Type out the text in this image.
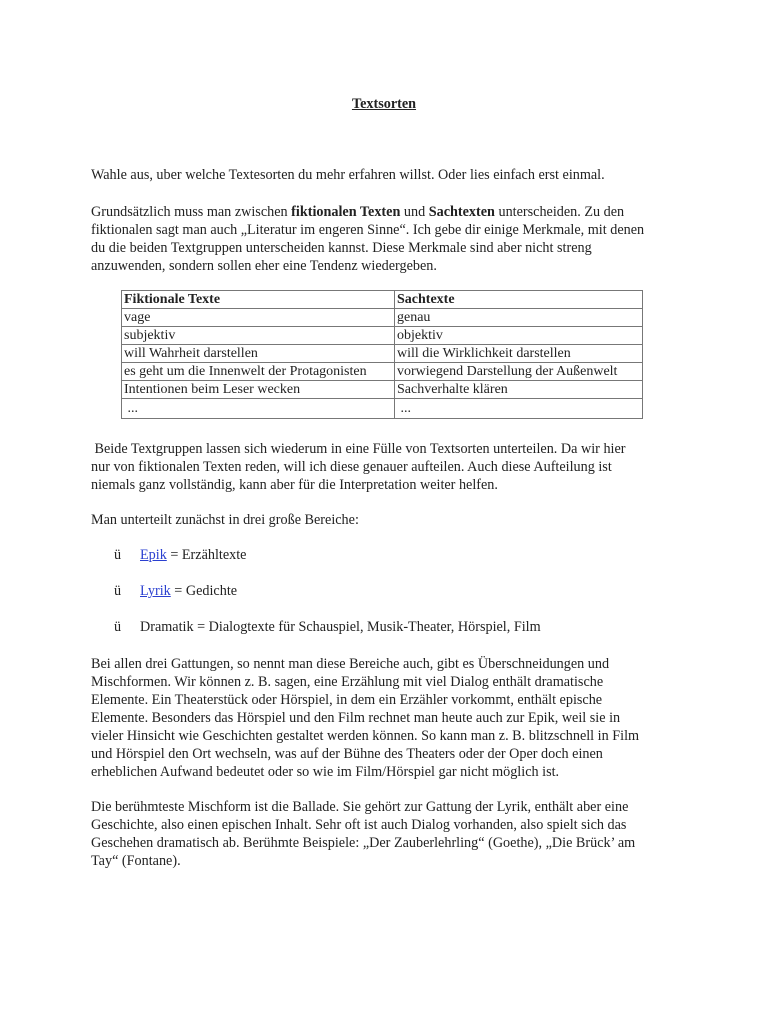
Textsorten
Wahle aus, uber welche Textesorten du mehr erfahren willst. Oder lies einfach erst einmal.
Grundsätzlich muss man zwischen fiktionalen Texten und Sachtexten unterscheiden. Zu den
fiktionalen sagt man auch „Literatur im engeren Sinne“. Ich gebe dir einige Merkmale, mit denen
du die beiden Textgruppen unterscheiden kannst. Diese Merkmale sind aber nicht streng
anzuwenden, sondern sollen eher eine Tendenz wiedergeben.
Fiktionale Texte	Sachtexte
vage	genau
subjektiv	objektiv
will Wahrheit darstellen	will die Wirklichkeit darstellen
es geht um die Innenwelt der Protagonisten	vorwiegend Darstellung der Außenwelt
Intentionen beim Leser wecken	Sachverhalte klären
...	...
Beide Textgruppen lassen sich wiederum in eine Fülle von Textsorten unterteilen. Da wir hier
nur von fiktionalen Texten reden, will ich diese genauer aufteilen. Auch diese Aufteilung ist
niemals ganz vollständig, kann aber für die Interpretation weiter helfen.
Man unterteilt zunächst in drei große Bereiche:
ü Epik = Erzähltexte
ü Lyrik = Gedichte
ü Dramatik = Dialogtexte für Schauspiel, Musik-Theater, Hörspiel, Film
Bei allen drei Gattungen, so nennt man diese Bereiche auch, gibt es Überschneidungen und
Mischformen. Wir können z. B. sagen, eine Erzählung mit viel Dialog enthält dramatische
Elemente. Ein Theaterstück oder Hörspiel, in dem ein Erzähler vorkommt, enthält epische
Elemente. Besonders das Hörspiel und den Film rechnet man heute auch zur Epik, weil sie in
vieler Hinsicht wie Geschichten gestaltet werden können. So kann man z. B. blitzschnell in Film
und Hörspiel den Ort wechseln, was auf der Bühne des Theaters oder der Oper doch einen
erheblichen Aufwand bedeutet oder so wie im Film/Hörspiel gar nicht möglich ist.
Die berühmteste Mischform ist die Ballade. Sie gehört zur Gattung der Lyrik, enthält aber eine
Geschichte, also einen epischen Inhalt. Sehr oft ist auch Dialog vorhanden, also spielt sich das
Geschehen dramatisch ab. Berühmte Beispiele: „Der Zauberlehrling“ (Goethe), „Die Brück’ am
Tay“ (Fontane).
